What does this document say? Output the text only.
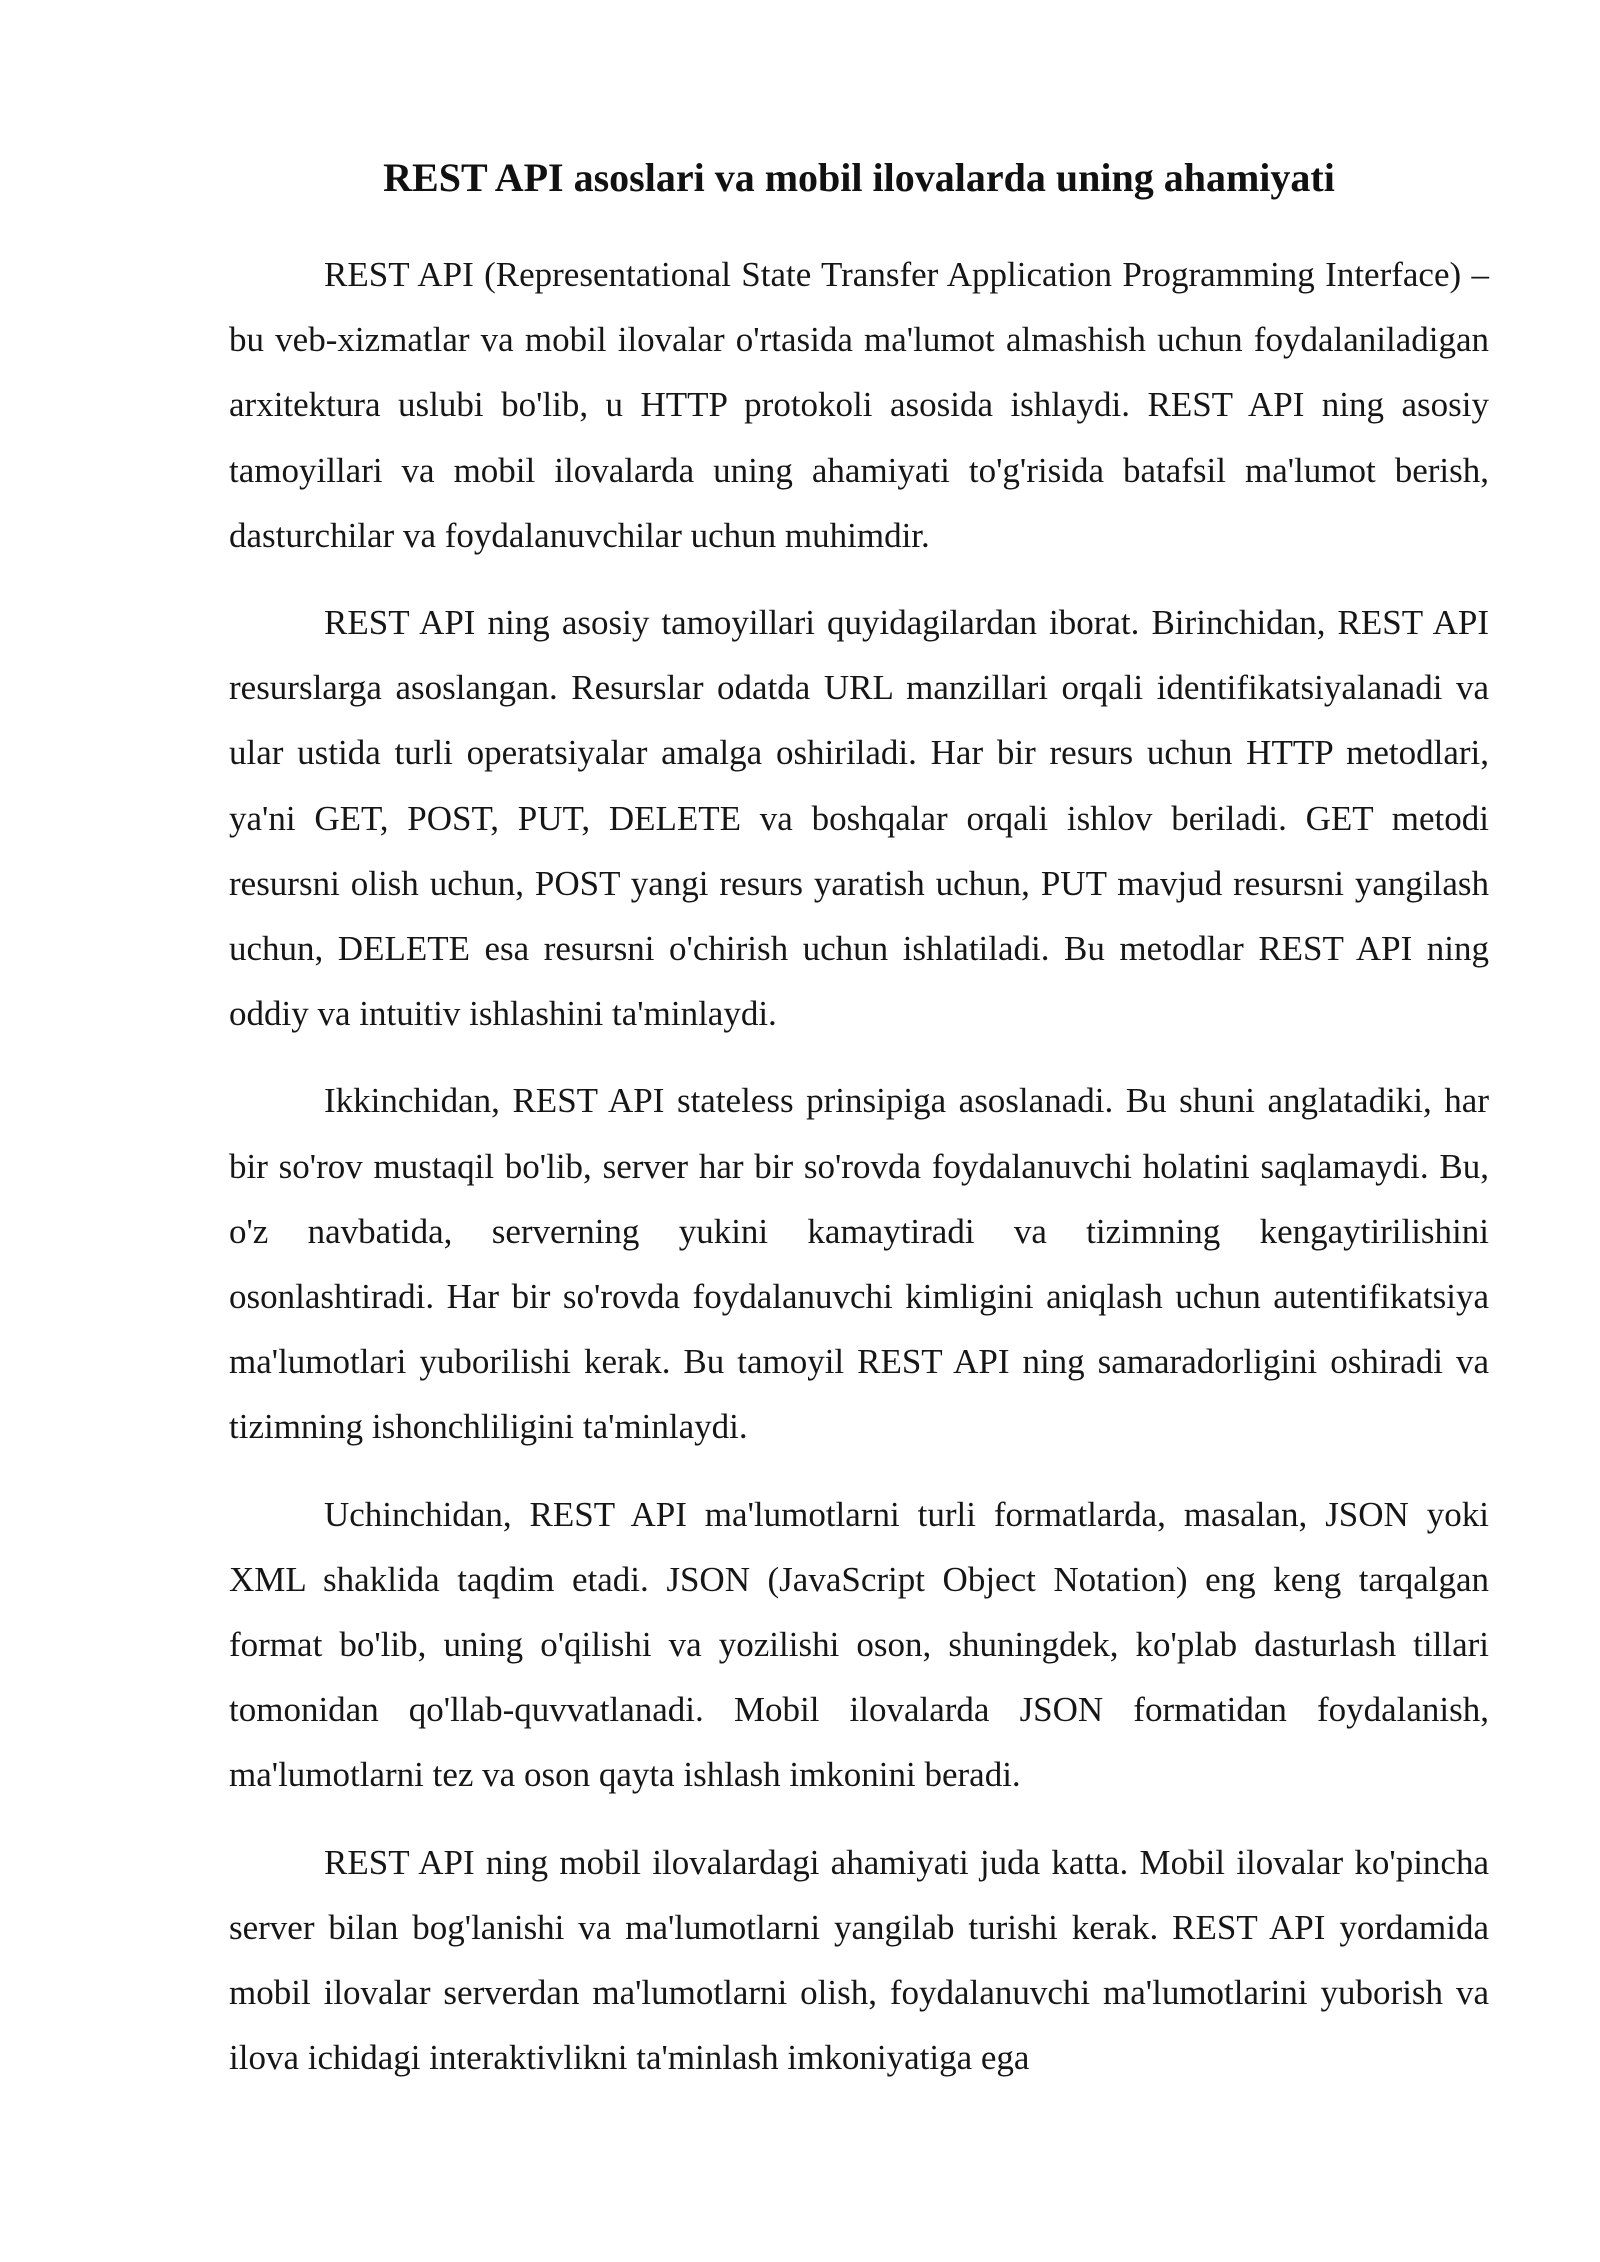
REST API asoslari va mobil ilovalarda uning ahamiyati

REST API (Representational State Transfer Application Programming Interface) – bu veb-xizmatlar va mobil ilovalar o'rtasida ma'lumot almashish uchun foydalaniladigan arxitektura uslubi bo'lib, u HTTP protokoli asosida ishlaydi. REST API ning asosiy tamoyillari va mobil ilovalarda uning ahamiyati to'g'risida batafsil ma'lumot berish, dasturchilar va foydalanuvchilar uchun muhimdir.

REST API ning asosiy tamoyillari quyidagilardan iborat. Birinchidan, REST API resurslarga asoslangan. Resurslar odatda URL manzillari orqali identifikatsiyalanadi va ular ustida turli operatsiyalar amalga oshiriladi. Har bir resurs uchun HTTP metodlari, ya'ni GET, POST, PUT, DELETE va boshqalar orqali ishlov beriladi. GET metodi resursni olish uchun, POST yangi resurs yaratish uchun, PUT mavjud resursni yangilash uchun, DELETE esa resursni o'chirish uchun ishlatiladi. Bu metodlar REST API ning oddiy va intuitiv ishlashini ta'minlaydi.

Ikkinchidan, REST API stateless prinsipiga asoslanadi. Bu shuni anglatadiki, har bir so'rov mustaqil bo'lib, server har bir so'rovda foydalanuvchi holatini saqlamaydi. Bu, o'z navbatida, serverning yukini kamaytiradi va tizimning kengaytirilishini osonlashtiradi. Har bir so'rovda foydalanuvchi kimligini aniqlash uchun autentifikatsiya ma'lumotlari yuborilishi kerak. Bu tamoyil REST API ning samaradorligini oshiradi va tizimning ishonchliligini ta'minlaydi.

Uchinchidan, REST API ma'lumotlarni turli formatlarda, masalan, JSON yoki XML shaklida taqdim etadi. JSON (JavaScript Object Notation) eng keng tarqalgan format bo'lib, uning o'qilishi va yozilishi oson, shuningdek, ko'plab dasturlash tillari tomonidan qo'llab-quvvatlanadi. Mobil ilovalarda JSON formatidan foydalanish, ma'lumotlarni tez va oson qayta ishlash imkonini beradi.

REST API ning mobil ilovalardagi ahamiyati juda katta. Mobil ilovalar ko'pincha server bilan bog'lanishi va ma'lumotlarni yangilab turishi kerak. REST API yordamida mobil ilovalar serverdan ma'lumotlarni olish, foydalanuvchi ma'lumotlarini yuborish va ilova ichidagi interaktivlikni ta'minlash imkoniyatiga ega
